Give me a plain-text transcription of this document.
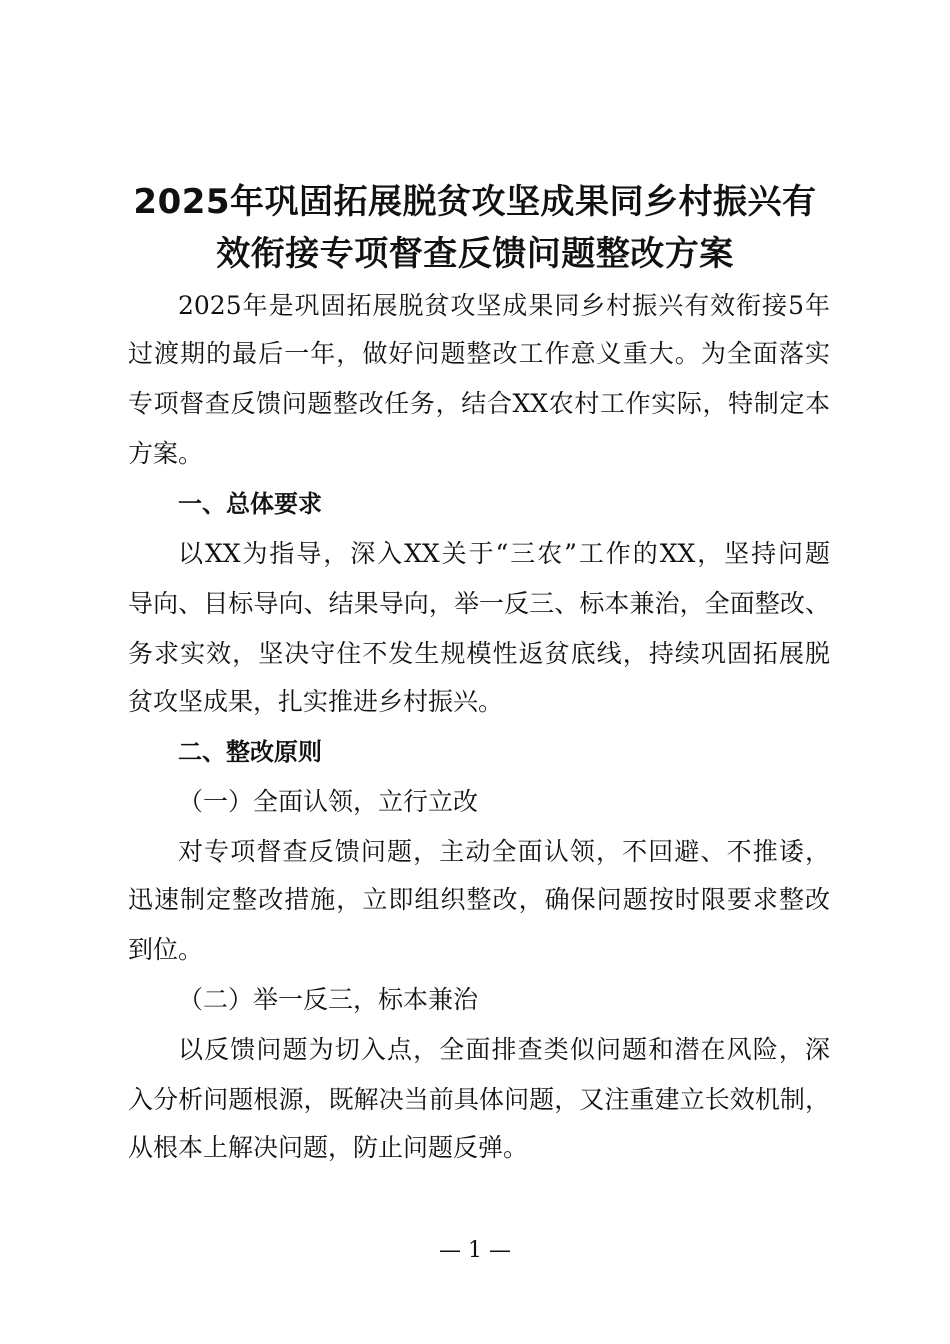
2025年巩固拓展脱贫攻坚成果同乡村振兴有
效衔接专项督查反馈问题整改方案
2025年是巩固拓展脱贫攻坚成果同乡村振兴有效衔接5年
过渡期的最后一年，做好问题整改工作意义重大。为全面落实
专项督查反馈问题整改任务，结合XX农村工作实际，特制定本
方案。
一、总体要求
以XX为指导，深入XX关于“三农”工作的XX，坚持问题
导向、目标导向、结果导向，举一反三、标本兼治，全面整改、
务求实效，坚决守住不发生规模性返贫底线，持续巩固拓展脱
贫攻坚成果，扎实推进乡村振兴。
二、整改原则
（一）全面认领，立行立改
对专项督查反馈问题，主动全面认领，不回避、不推诿，
迅速制定整改措施，立即组织整改，确保问题按时限要求整改
到位。
（二）举一反三，标本兼治
以反馈问题为切入点，全面排查类似问题和潜在风险，深
入分析问题根源，既解决当前具体问题，又注重建立长效机制，
从根本上解决问题，防止问题反弹。
— 1 —
